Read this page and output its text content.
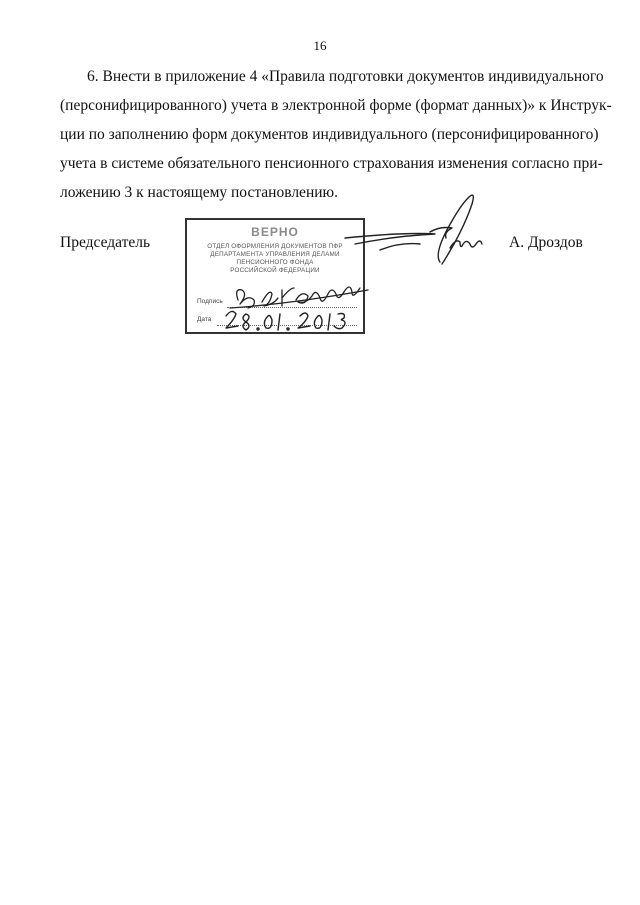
16
6. Внести в приложение 4 «Правила подготовки документов индивидуального
(персонифицированного) учета в электронной форме (формат данных)» к Инструк-
ции по заполнению форм документов индивидуального (персонифицированного)
учета в системе обязательного пенсионного страхования изменения согласно при-
ложению 3 к настоящему постановлению.
Председатель	А. Дроздов
ВЕРНО
ОТДЕЛ ОФОРМЛЕНИЯ ДОКУМЕНТОВ ПФР
ДЕПАРТАМЕНТА УПРАВЛЕНИЯ ДЕЛАМИ
ПЕНСИОННОГО ФОНДА
РОССИЙСКОЙ ФЕДЕРАЦИИ
Подпись
Дата
